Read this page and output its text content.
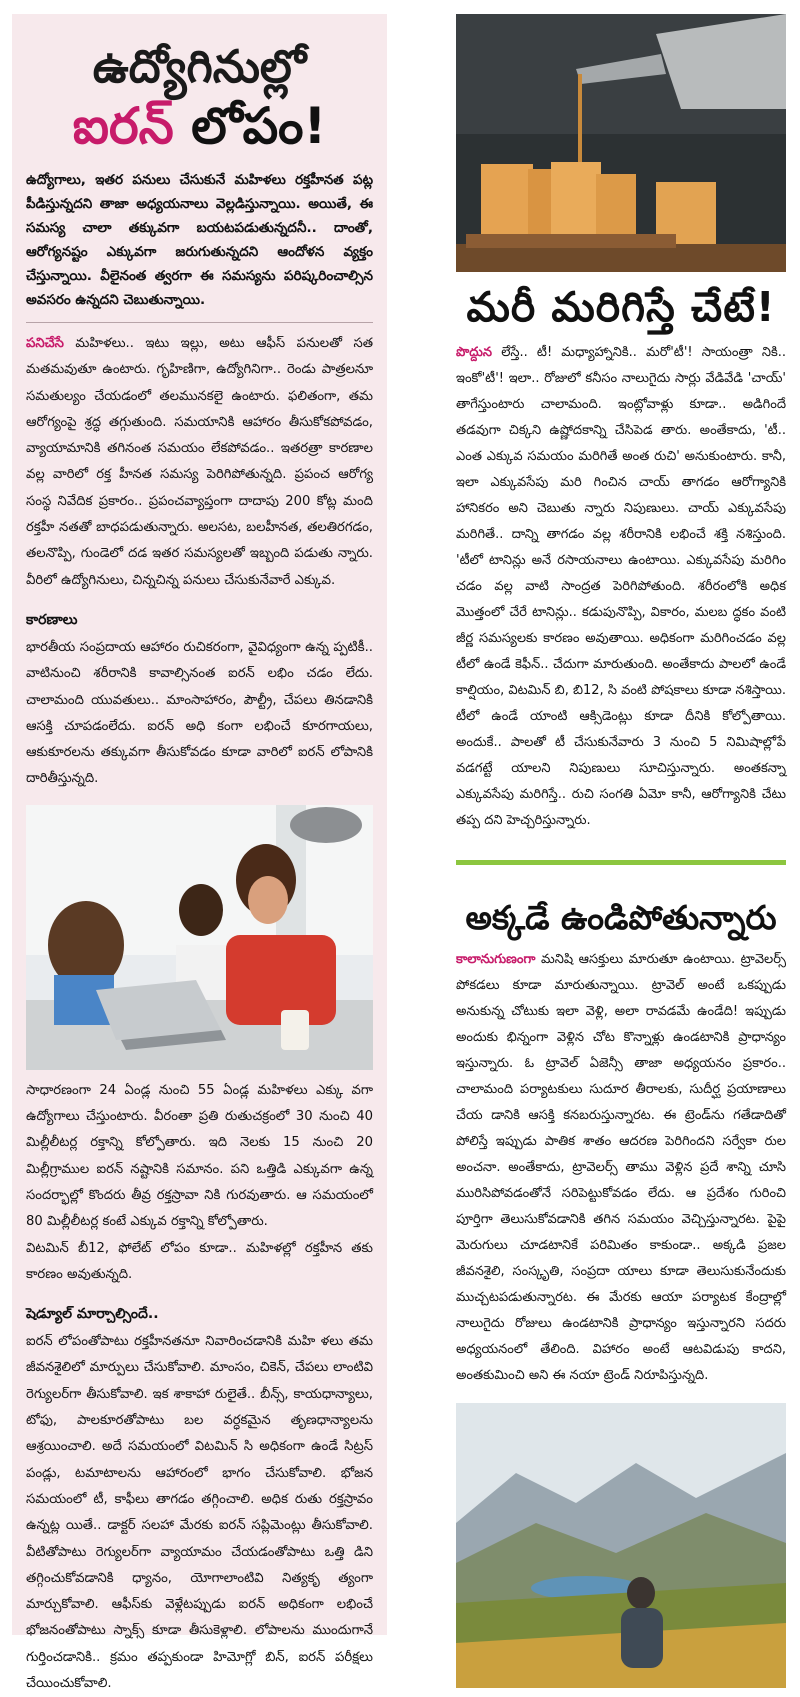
ఉద్యోగినుల్లో
ఐరన్ లోపం!
ఉద్యోగాలు, ఇతర పనులు చేసుకునే మహిళలు రక్తహీనత పట్ల పీడిస్తున్నదని తాజా అధ్యయనాలు వెల్లడిస్తున్నాయి. అయితే, ఈ సమస్య చాలా తక్కువగా బయటపడుతున్నదనీ.. దాంతో, ఆరోగ్యనష్టం ఎక్కువగా జరుగుతున్నదని ఆందోళన వ్యక్తం చేస్తున్నాయి. వీలైనంత త్వరగా ఈ సమస్యను పరిష్కరించాల్సిన అవసరం ఉన్నదని చెబుతున్నాయి.

పనిచేసే మహిళలు.. ఇటు ఇల్లు, అటు ఆఫీస్ పనులతో సత మతమవుతూ ఉంటారు. గృహిణిగా, ఉద్యోగినిగా.. రెండు పాత్రలనూ సమతుల్యం చేయడంలో తలమునకలై ఉంటారు. ఫలితంగా, తమ ఆరోగ్యంపై శ్రద్ధ తగ్గుతుంది. సమయానికి ఆహారం తీసుకోకపోవడం, వ్యాయామానికి తగినంత సమయం లేకపోవడం.. ఇతరత్రా కారణాల వల్ల వారిలో రక్త హీనత సమస్య పెరిగిపోతున్నది. ప్రపంచ ఆరోగ్య సంస్థ నివేదిక ప్రకారం.. ప్రపంచవ్యాప్తంగా దాదాపు 200 కోట్ల మంది రక్తహీ నతతో బాధపడుతున్నారు. అలసట, బలహీనత, తలతిరగడం, తలనొప్పి, గుండెలో దడ ఇతర సమస్యలతో ఇబ్బంది పడుతు న్నారు. వీరిలో ఉద్యోగినులు, చిన్నచిన్న పనులు చేసుకునేవారే ఎక్కువ.

కారణాలు

భారతీయ సంప్రదాయ ఆహారం రుచికరంగా, వైవిధ్యంగా ఉన్న ప్పటికీ.. వాటినుంచి శరీరానికి కావాల్సినంత ఐరన్ లభిం చడం లేదు. చాలామంది యువతులు.. మాంసాహారం, పౌల్ట్రీ, చేపలు తినడానికి ఆసక్తి చూపడంలేదు. ఐరన్ అధి కంగా లభించే కూరగాయలు, ఆకుకూరలను తక్కువగా తీసుకోవడం కూడా వారిలో ఐరన్ లోపానికి దారితీస్తున్నది.

సాధారణంగా 24 ఏండ్ల నుంచి 55 ఏండ్ల మహిళలు ఎక్కు వగా ఉద్యోగాలు చేస్తుంటారు. వీరంతా ప్రతి రుతుచక్రంలో 30 నుంచి 40 మిల్లీలీటర్ల రక్తాన్ని కోల్పోతారు. ఇది నెలకు 15 నుంచి 20 మిల్లీగ్రాముల ఐరన్ నష్టానికి సమానం. పని ఒత్తిడి ఎక్కువగా ఉన్న సందర్భాల్లో కొందరు తీవ్ర రక్తస్రావా నికి గురవుతారు. ఆ సమయంలో 80 మిల్లీలీటర్ల కంటే ఎక్కువ రక్తాన్ని కోల్పోతారు.

విటమిన్ బీ12, ఫోలేట్ లోపం కూడా.. మహిళల్లో రక్తహీన తకు కారణం అవుతున్నది.

షెడ్యూల్ మార్చాల్సిందే..

ఐరన్ లోపంతోపాటు రక్తహీనతనూ నివారించడానికి మహి ళలు తమ జీవనశైలిలో మార్పులు చేసుకోవాలి. మాంసం, చికెన్, చేపలు లాంటివి రెగ్యులర్‌గా తీసుకోవాలి. ఇక శాకాహా రులైతే.. బీన్స్, కాయధాన్యాలు, టోఫు, పాలకూరతోపాటు బల వర్ధకమైన తృణధాన్యాలను ఆశ్రయించాలి. అదే సమయంలో విటమిన్ సి అధికంగా ఉండే సిట్రస్ పండ్లు, టమాటాలను ఆహారంలో భాగం చేసుకోవాలి. భోజన సమయంలో టీ, కాఫీలు తాగడం తగ్గించాలి. అధిక రుతు రక్తస్రావం ఉన్నట్ల యితే.. డాక్టర్ సలహా మేరకు ఐరన్ సప్లిమెంట్లు తీసుకోవాలి. వీటితోపాటు రెగ్యులర్‌గా వ్యాయామం చేయడంతోపాటు ఒత్తి డిని తగ్గించుకోవడానికి ధ్యానం, యోగాలాంటివి నిత్యకృ త్యంగా మార్చుకోవాలి. ఆఫీస్‌కు వెళ్లేటప్పుడు ఐరన్ అధికంగా లభించే భోజనంతోపాటు స్నాక్స్ కూడా తీసుకెళ్లాలి. లోపాలను ముందుగానే గుర్తించడానికి.. క్రమం తప్పకుండా హిమోగ్లో బిన్, ఐరన్ పరీక్షలు చేయించుకోవాలి.

మరీ మరిగిస్తే చేటే!

పొద్దున లేస్తే.. టీ! మధ్యాహ్నానికి.. మరో'టీ'! సాయంత్రా నికి.. ఇంకో'టీ'! ఇలా.. రోజులో కనీసం నాలుగైదు సార్లు వేడివేడి 'చాయ్' తాగేస్తుంటారు చాలామంది. ఇంట్లోవాళ్లు కూడా.. అడిగిందే తడవుగా చిక్కని ఉష్ణోదకాన్ని చేసిపెడ తారు. అంతేకాదు, 'టీ.. ఎంత ఎక్కువ సమయం మరిగితే అంత రుచి' అనుకుంటారు. కానీ, ఇలా ఎక్కువసేపు మరి గించిన చాయ్ తాగడం ఆరోగ్యానికి హానికరం అని చెబుతు న్నారు నిపుణులు. చాయ్ ఎక్కువసేపు మరిగితే.. దాన్ని తాగడం వల్ల శరీరానికి లభించే శక్తి నశిస్తుంది. 'టీలో టానిన్లు అనే రసాయనాలు ఉంటాయి. ఎక్కువసేపు మరిగిం చడం వల్ల వాటి సాంద్రత పెరిగిపోతుంది. శరీరంలోకి అధిక మొత్తంలో చేరే టానిన్లు.. కడుపునొప్పి, వికారం, మలబ ద్ధకం వంటి జీర్ణ సమస్యలకు కారణం అవుతాయి. అధికంగా మరిగించడం వల్ల టీలో ఉండే కెఫీన్.. చేదుగా మారుతుంది. అంతేకాదు పాలలో ఉండే కాల్షియం, విటమిన్ బి, బి12, సి వంటి పోషకాలు కూడా నశిస్తాయి. టీలో ఉండే యాంటి ఆక్సిడెంట్లు కూడా దీనికి కోల్పోతాయి. అందుకే.. పాలతో టీ చేసుకునేవారు 3 నుంచి 5 నిమిషాల్లోపే వడగట్టే యాలని నిపుణులు సూచిస్తున్నారు. అంతకన్నా ఎక్కువసేపు మరిగిస్తే.. రుచి సంగతి ఏమో కానీ, ఆరోగ్యానికి చేటు తప్ప దని హెచ్చరిస్తున్నారు.

అక్కడే ఉండిపోతున్నారు

కాలానుగుణంగా మనిషి ఆసక్తులు మారుతూ ఉంటాయి. ట్రావెలర్స్ పోకడలు కూడా మారుతున్నాయి. ట్రావెల్ అంటే ఒకప్పుడు అనుకున్న చోటుకు ఇలా వెళ్లి, అలా రావడమే ఉండేది! ఇప్పుడు అందుకు భిన్నంగా వెళ్లిన చోట కొన్నాళ్లు ఉండటానికి ప్రాధాన్యం ఇస్తున్నారు. ఓ ట్రావెల్ ఏజెన్సీ తాజా అధ్యయనం ప్రకారం.. చాలామంది పర్యాటకులు సుదూర తీరాలకు, సుదీర్ఘ ప్రయాణాలు చేయ డానికి ఆసక్తి కనబరుస్తున్నారట. ఈ ట్రెండ్‌ను గతేడాదితో పోలిస్తే ఇప్పుడు పాతిక శాతం ఆదరణ పెరిగిందని సర్వేకా రుల అంచనా. అంతేకాదు, ట్రావెలర్స్ తాము వెళ్లిన ప్రదే శాన్ని చూసి మురిసిపోవడంతోనే సరిపెట్టుకోవడం లేదు. ఆ ప్రదేశం గురించి పూర్తిగా తెలుసుకోవడానికి తగిన సమయం వెచ్చిస్తున్నారట. పైపై మెరుగులు చూడటానికే పరిమితం కాకుండా.. అక్కడి ప్రజల జీవనశైలి, సంస్కృతి, సంప్రదా యాలు కూడా తెలుసుకునేందుకు ముచ్చటపడుతున్నారట. ఈ మేరకు ఆయా పర్యాటక కేంద్రాల్లో నాలుగైదు రోజులు ఉండటానికి ప్రాధాన్యం ఇస్తున్నారని సదరు అధ్యయనంలో తేలింది. విహారం అంటే ఆటవిడుపు కాదని, అంతకుమించి అని ఈ నయా ట్రెండ్ నిరూపిస్తున్నది.
